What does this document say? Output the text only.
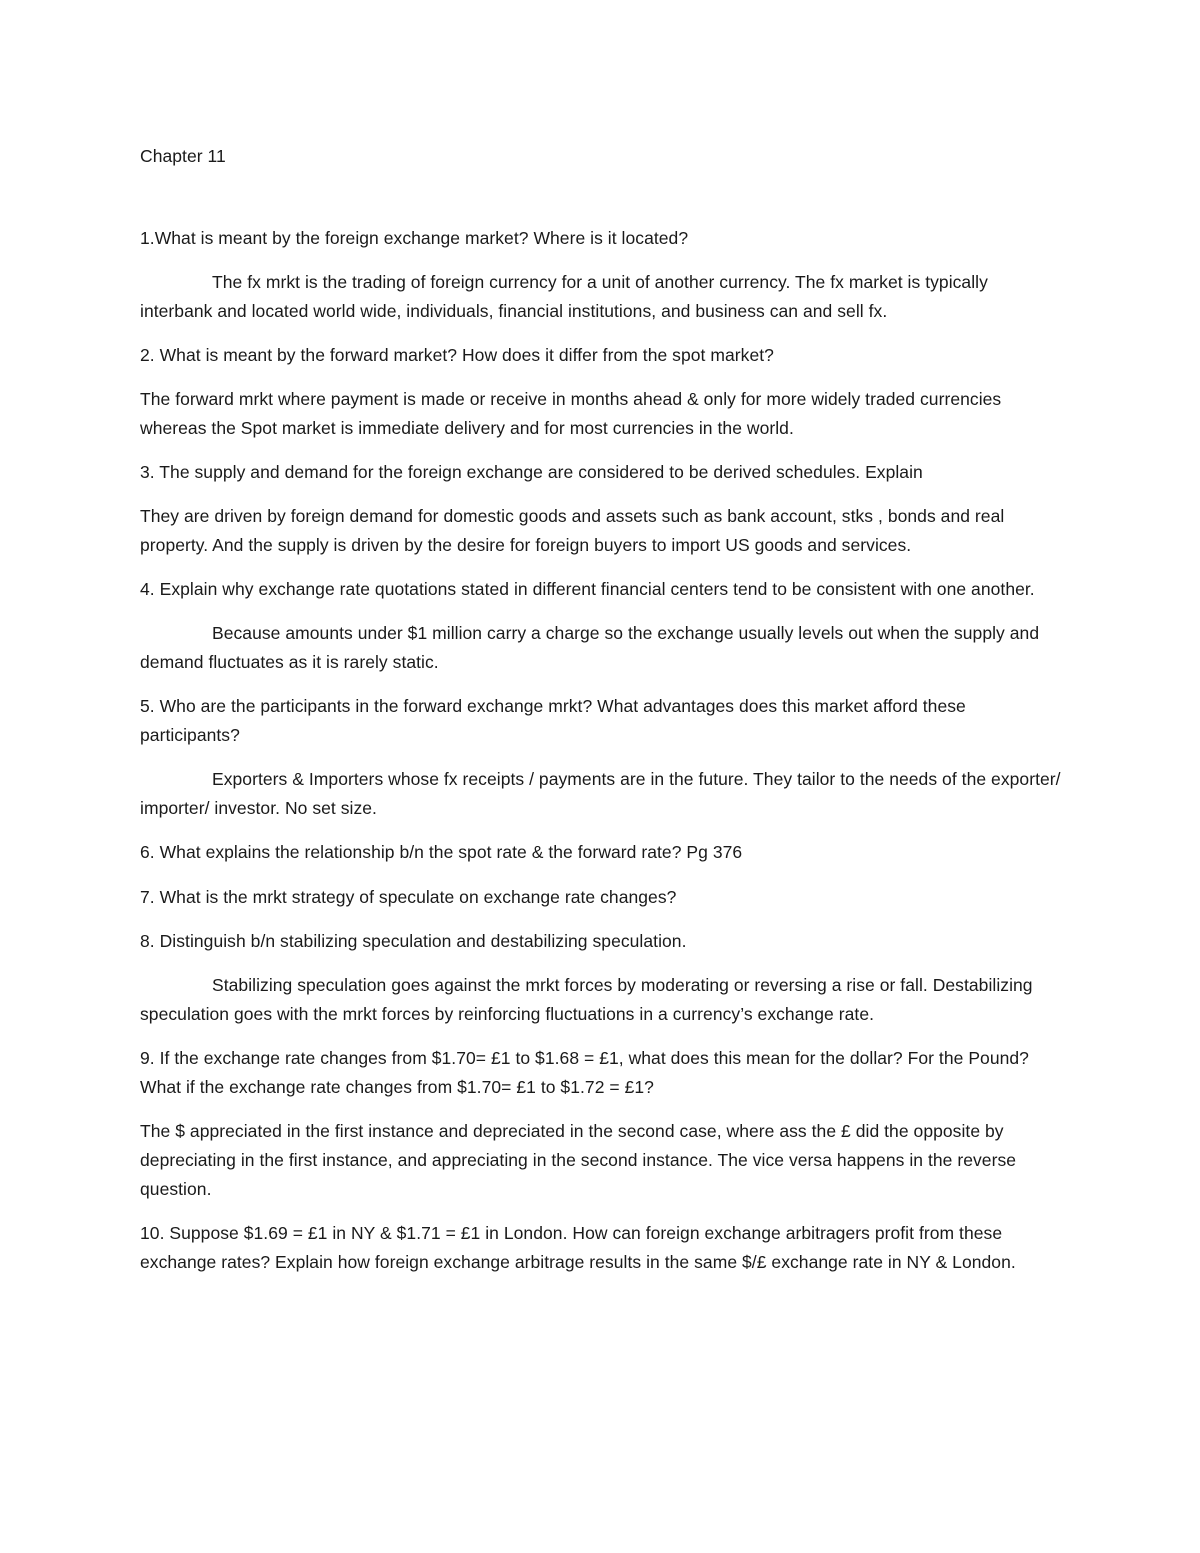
Chapter 11

1.What is meant by the foreign exchange market? Where is it located?

The fx mrkt is the trading of foreign currency for a unit of another currency. The fx market is typically interbank and located world wide, individuals, financial institutions, and business can and sell fx.

2. What is meant by the forward market? How does it differ from the spot market?

The forward mrkt where payment is made or receive in months ahead & only for more widely traded currencies whereas the Spot market is immediate delivery and for most currencies in the world.

3. The supply and demand for the foreign exchange are considered to be derived schedules. Explain

They are driven by foreign demand for domestic goods and assets such as bank account, stks , bonds and real property. And the supply is driven by the desire for foreign buyers to import US goods and services.

4. Explain why exchange rate quotations stated in different financial centers tend to be consistent with one another.

Because amounts under $1 million carry a charge so the exchange usually levels out when the supply and demand fluctuates as it is rarely static.

5. Who are the participants in the forward exchange mrkt? What advantages does this market afford these participants?

Exporters & Importers whose fx receipts / payments are in the future. They tailor to the needs of the exporter/ importer/ investor. No set size.

6. What explains the relationship b/n the spot rate & the forward rate? Pg 376

7. What is the mrkt strategy of speculate on exchange rate changes?

8. Distinguish b/n stabilizing speculation and destabilizing speculation.

Stabilizing speculation goes against the mrkt forces by moderating or reversing a rise or fall. Destabilizing speculation goes with the mrkt forces by reinforcing fluctuations in a currency’s exchange rate.

9. If the exchange rate changes from $1.70= £1 to $1.68 = £1, what does this mean for the dollar? For the Pound? What if the exchange rate changes from $1.70= £1 to $1.72 = £1?

The $ appreciated in the first instance and depreciated in the second case, where ass the £ did the opposite by depreciating in the first instance, and appreciating in the second instance. The vice versa happens in the reverse question.

10. Suppose $1.69 = £1 in NY & $1.71 = £1 in London. How can foreign exchange arbitragers profit from these exchange rates? Explain how foreign exchange arbitrage results in the same $/£ exchange rate in NY & London.
